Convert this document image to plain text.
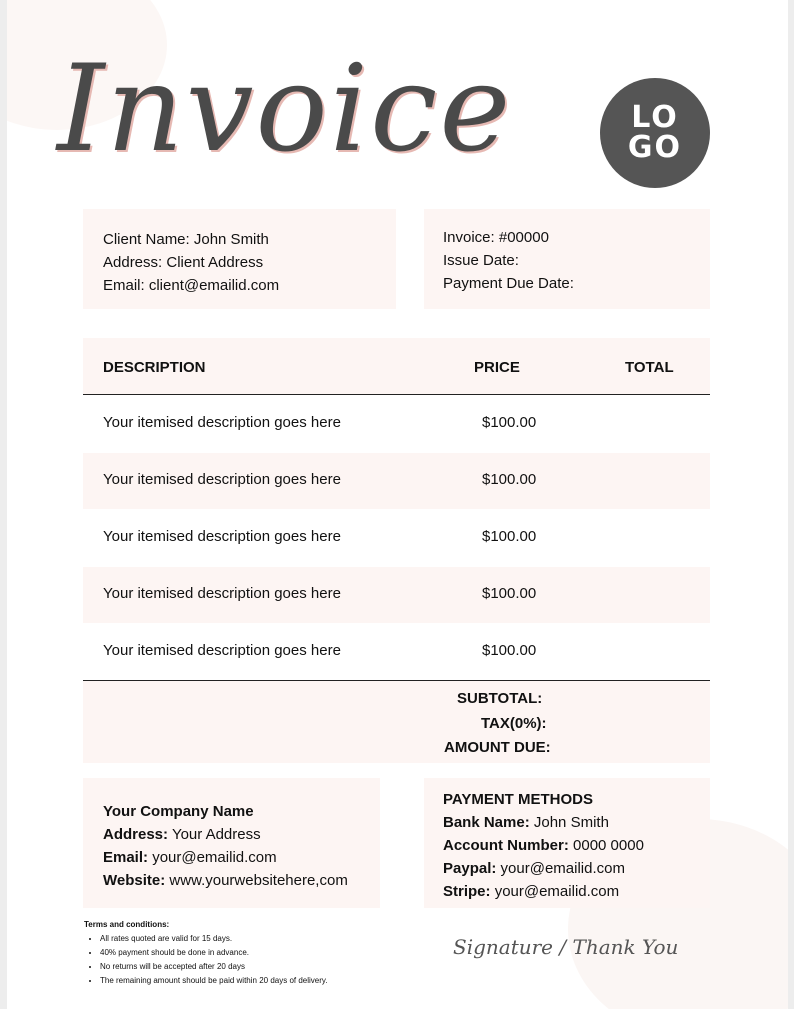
Invoice	LO
GO
Client Name: John Smith
Address: Client Address
Email: client@emailid.com
Invoice: #00000
Issue Date:
Payment Due Date:
DESCRIPTION	PRICE	TOTAL
Your itemised description goes here	$100.00
Your itemised description goes here	$100.00
Your itemised description goes here	$100.00
Your itemised description goes here	$100.00
Your itemised description goes here	$100.00
SUBTOTAL:
TAX(0%):
AMOUNT DUE:
Your Company Name
Address: Your Address
Email: your@emailid.com
Website: www.yourwebsitehere,com
PAYMENT METHODS
Bank Name: John Smith
Account Number: 0000 0000
Paypal: your@emailid.com
Stripe: your@emailid.com
Terms and conditions:
• All rates quoted are valid for 15 days.
• 40% payment should be done in advance.
• No returns will be accepted after 20 days
• The remaining amount should be paid within 20 days of delivery.
Signature / Thank You
